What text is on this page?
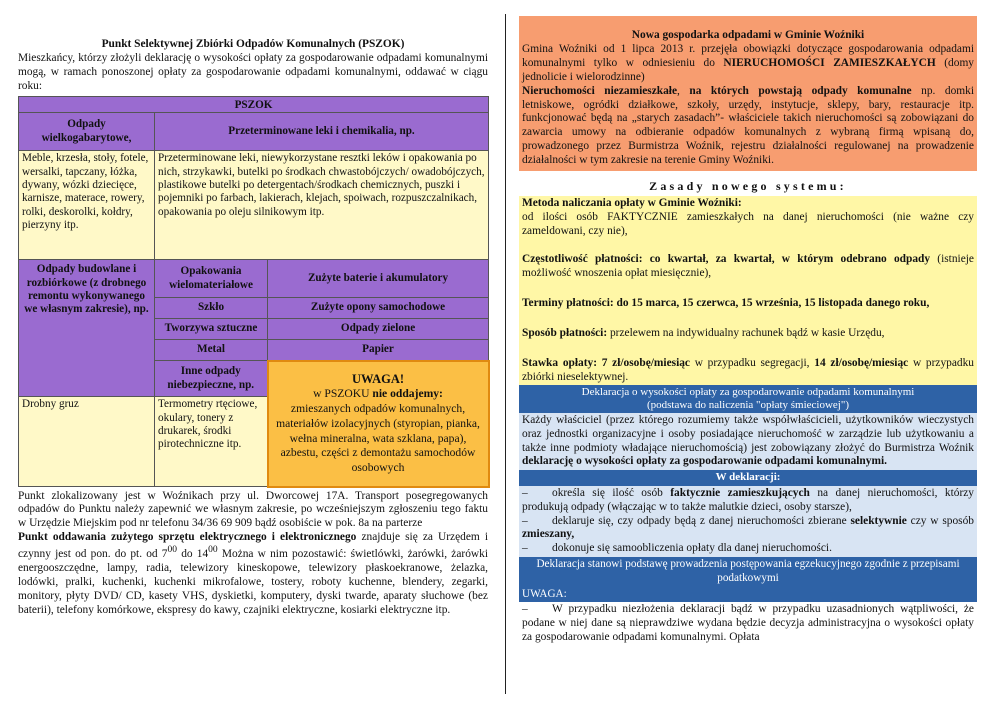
Punkt Selektywnej Zbiórki Odpadów Komunalnych (PSZOK)

Mieszkańcy, którzy złożyli deklarację o wysokości opłaty za gospodarowanie odpadami komunalnymi mogą, w ramach ponoszonej opłaty za gospodarowanie odpadami komunalnymi, oddawać w ciągu roku:

PSZOK		
Odpady wielkogabarytowe,	Przeterminowane leki i chemikalia, np.	
Meble, krzesła, stoły, fotele, wersalki, tapczany, łóżka, dywany, wózki dziecięce, karnisze, materace, rowery, rolki, deskorolki, kołdry, pierzyny itp.	Przeterminowane leki, niewykorzystane resztki leków i opakowania po nich, strzykawki, butelki po środkach chwastobójczych/ owadobójczych, plastikowe butelki po detergentach/środkach chemicznych, puszki i pojemniki po farbach, lakierach, klejach, spoiwach, rozpuszczalnikach, opakowania po oleju silnikowym itp.	
Odpady budowlane i rozbiórkowe (z drobnego remontu wykonywanego we własnym zakresie), np.	Opakowania wielomateriałowe	Zużyte baterie i akumulatory
	Szkło	Zużyte opony samochodowe
	Tworzywa sztuczne	Odpady zielone
	Metal	Papier
	Inne odpady niebezpieczne, np.	UWAGA!
w PSZOKU nie oddajemy:
zmieszanych odpadów komunalnych, materiałów izolacyjnych (styropian, pianka, wełna mineralna, wata szklana, papa), azbestu, części z demontażu samochodów osobowych

Drobny gruz	Termometry rtęciowe, okulary, tonery z drukarek, środki pirotechniczne itp.	

Punkt zlokalizowany jest w Woźnikach przy ul. Dworcowej 17A. Transport posegregowanych odpadów do Punktu należy zapewnić we własnym zakresie, po wcześniejszym zgłoszeniu tego faktu w Urzędzie Miejskim pod nr telefonu 34/36 69 909 bądź osobiście w pok. 8a na parterze

Punkt oddawania zużytego sprzętu elektrycznego i elektronicznego znajduje się za Urzędem i czynny jest od pon. do pt. od $7^{00}$ do $14^{00}$ Można w nim pozostawić: świetlówki, żarówki, żarówki energooszczędne, lampy, radia, telewizory kineskopowe, telewizory płaskoekranowe, żelazka, lodówki, pralki, kuchenki, kuchenki mikrofalowe, tostery, roboty kuchenne, blendery, zegarki, monitory, płyty DVD/ CD, kasety VHS, dyskietki, komputery, dyski twarde, aparaty słuchowe (bez baterii), telefony komórkowe, ekspresy do kawy, czajniki elektryczne, kosiarki elektryczne itp.

Nowa gospodarka odpadami w Gminie Woźniki

Gmina Woźniki od 1 lipca 2013 r. przejęła obowiązki dotyczące gospodarowania odpadami komunalnymi tylko w odniesieniu do NIERUCHOMOŚCI ZAMIESZKAŁYCH (domy jednolicie i wielorodzinne)

Nieruchomości niezamieszkałe, na których powstają odpady komunalne np. domki letniskowe, ogródki działkowe, szkoły, urzędy, instytucje, sklepy, bary, restauracje itp. funkcjonować będą na „starych zasadach”- właściciele takich nieruchomości są zobowiązani do zawarcia umowy na odbieranie odpadów komunalnych z wybraną firmą wpisaną do, prowadzonego przez Burmistrza Woźnik, rejestru działalności regulowanej na prowadzenie działalności w tym zakresie na terenie Gminy Woźniki.

Zasady nowego systemu:
Metoda naliczania opłaty w Gminie Woźniki:

od ilości osób FAKTYCZNIE zamieszkałych na danej nieruchomości (nie ważne czy zameldowani, czy nie),

Częstotliwość płatności: co kwartał, za kwartał, w którym odebrano odpady (istnieje możliwość wnoszenia opłat miesięcznie),

Terminy płatności: do 15 marca, 15 czerwca, 15 września, 15 listopada danego roku,

Sposób płatności: przelewem na indywidualny rachunek bądź w kasie Urzędu,

Stawka opłaty: 7 zł/osobę/miesiąc w przypadku segregacji, 14 zł/osobę/miesiąc w przypadku zbiórki nieselektywnej.

Deklaracja o wysokości opłaty za gospodarowanie odpadami komunalnymi
(podstawa do naliczenia "opłaty śmieciowej")
Każdy właściciel (przez którego rozumiemy także współwłaścicieli, użytkowników wieczystych oraz jednostki organizacyjne i osoby posiadające nieruchomość w zarządzie lub użytkowaniu a także inne podmioty władające nieruchomością) jest zobowiązany złożyć do Burmistrza Woźnik deklarację o wysokości opłaty za gospodarowanie odpadami komunalnymi.
W deklaracji:

– określa się ilość osób faktycznie zamieszkujących na danej nieruchomości, którzy produkują odpady (włączając w to także malutkie dzieci, osoby starsze),

– deklaruje się, czy odpady będą z danej nieruchomości zbierane selektywnie czy w sposób zmieszany,

– dokonuje się samoobliczenia opłaty dla danej nieruchomości.

Deklaracja stanowi podstawę prowadzenia postępowania egzekucyjnego zgodnie z przepisami podatkowymi
UWAGA:
– W przypadku niezłożenia deklaracji bądź w przypadku uzasadnionych wątpliwości, że podane w niej dane są nieprawdziwe wydana będzie decyzja administracyjna o wysokości opłaty za gospodarowanie odpadami komunalnymi. Opłata
